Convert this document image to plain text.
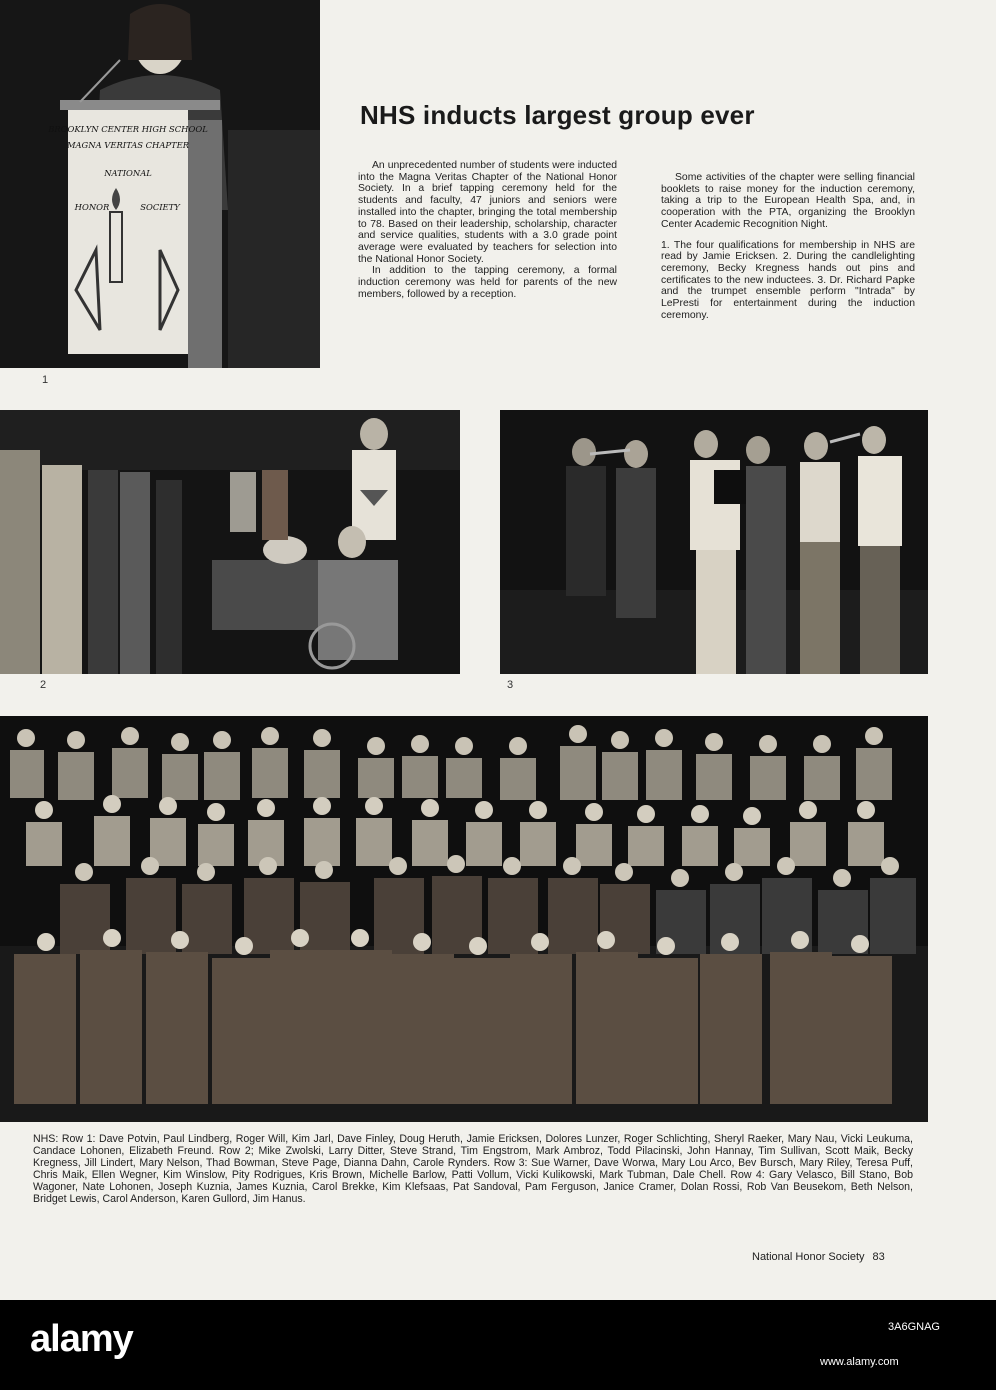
BROOKLYN CENTER HIGH SCHOOL
MAGNA VERITAS CHAPTER
NATIONAL
HONOR	SOCIETY
1
NHS inducts largest group ever

An unprecedented number of students were inducted into the Magna Veritas Chapter of the National Honor Society. In a brief tapping ceremony held for the students and faculty, 47 juniors and seniors were installed into the chapter, bringing the total membership to 78. Based on their leadership, scholarship, character and service qualities, students with a 3.0 grade point average were evaluated by teachers for selection into the National Honor Society.

In addition to the tapping ceremony, a formal induction ceremony was held for parents of the new members, followed by a reception.

Some activities of the chapter were selling financial booklets to raise money for the induction ceremony, taking a trip to the European Health Spa, and, in cooperation with the PTA, organizing the Brooklyn Center Academic Recognition Night.

1. The four qualifications for membership in NHS are read by Jamie Ericksen. 2. During the candlelighting ceremony, Becky Kregness hands out pins and certificates to the new inductees. 3. Dr. Richard Papke and the trumpet ensemble perform "Intrada" by LePresti for entertainment during the induction ceremony.

2	3

NHS: Row 1: Dave Potvin, Paul Lindberg, Roger Will, Kim Jarl, Dave Finley, Doug Heruth, Jamie Ericksen, Dolores Lunzer, Roger Schlichting, Sheryl Raeker, Mary Nau, Vicki Leukuma, Candace Lohonen, Elizabeth Freund. Row 2; Mike Zwolski, Larry Ditter, Steve Strand, Tim Engstrom, Mark Ambroz, Todd Pilacinski, John Hannay, Tim Sullivan, Scott Maik, Becky Kregness, Jill Lindert, Mary Nelson, Thad Bowman, Steve Page, Dianna Dahn, Carole Rynders. Row 3: Sue Warner, Dave Worwa, Mary Lou Arco, Bev Bursch, Mary Riley, Teresa Puff, Chris Maik, Ellen Wegner, Kim Winslow, Pity Rodrigues, Kris Brown, Michelle Barlow, Patti Vollum, Vicki Kulikowski, Mark Tubman, Dale Chell. Row 4: Gary Velasco, Bill Stano, Bob Wagoner, Nate Lohonen, Joseph Kuznia, James Kuznia, Carol Brekke, Kim Klefsaas, Pat Sandoval, Pam Ferguson, Janice Cramer, Dolan Rossi, Rob Van Beusekom, Beth Nelson, Bridget Lewis, Carol Anderson, Karen Gullord, Jim Hanus.

National Honor Society 83
alamy	3A6GNAG
www.alamy.com
